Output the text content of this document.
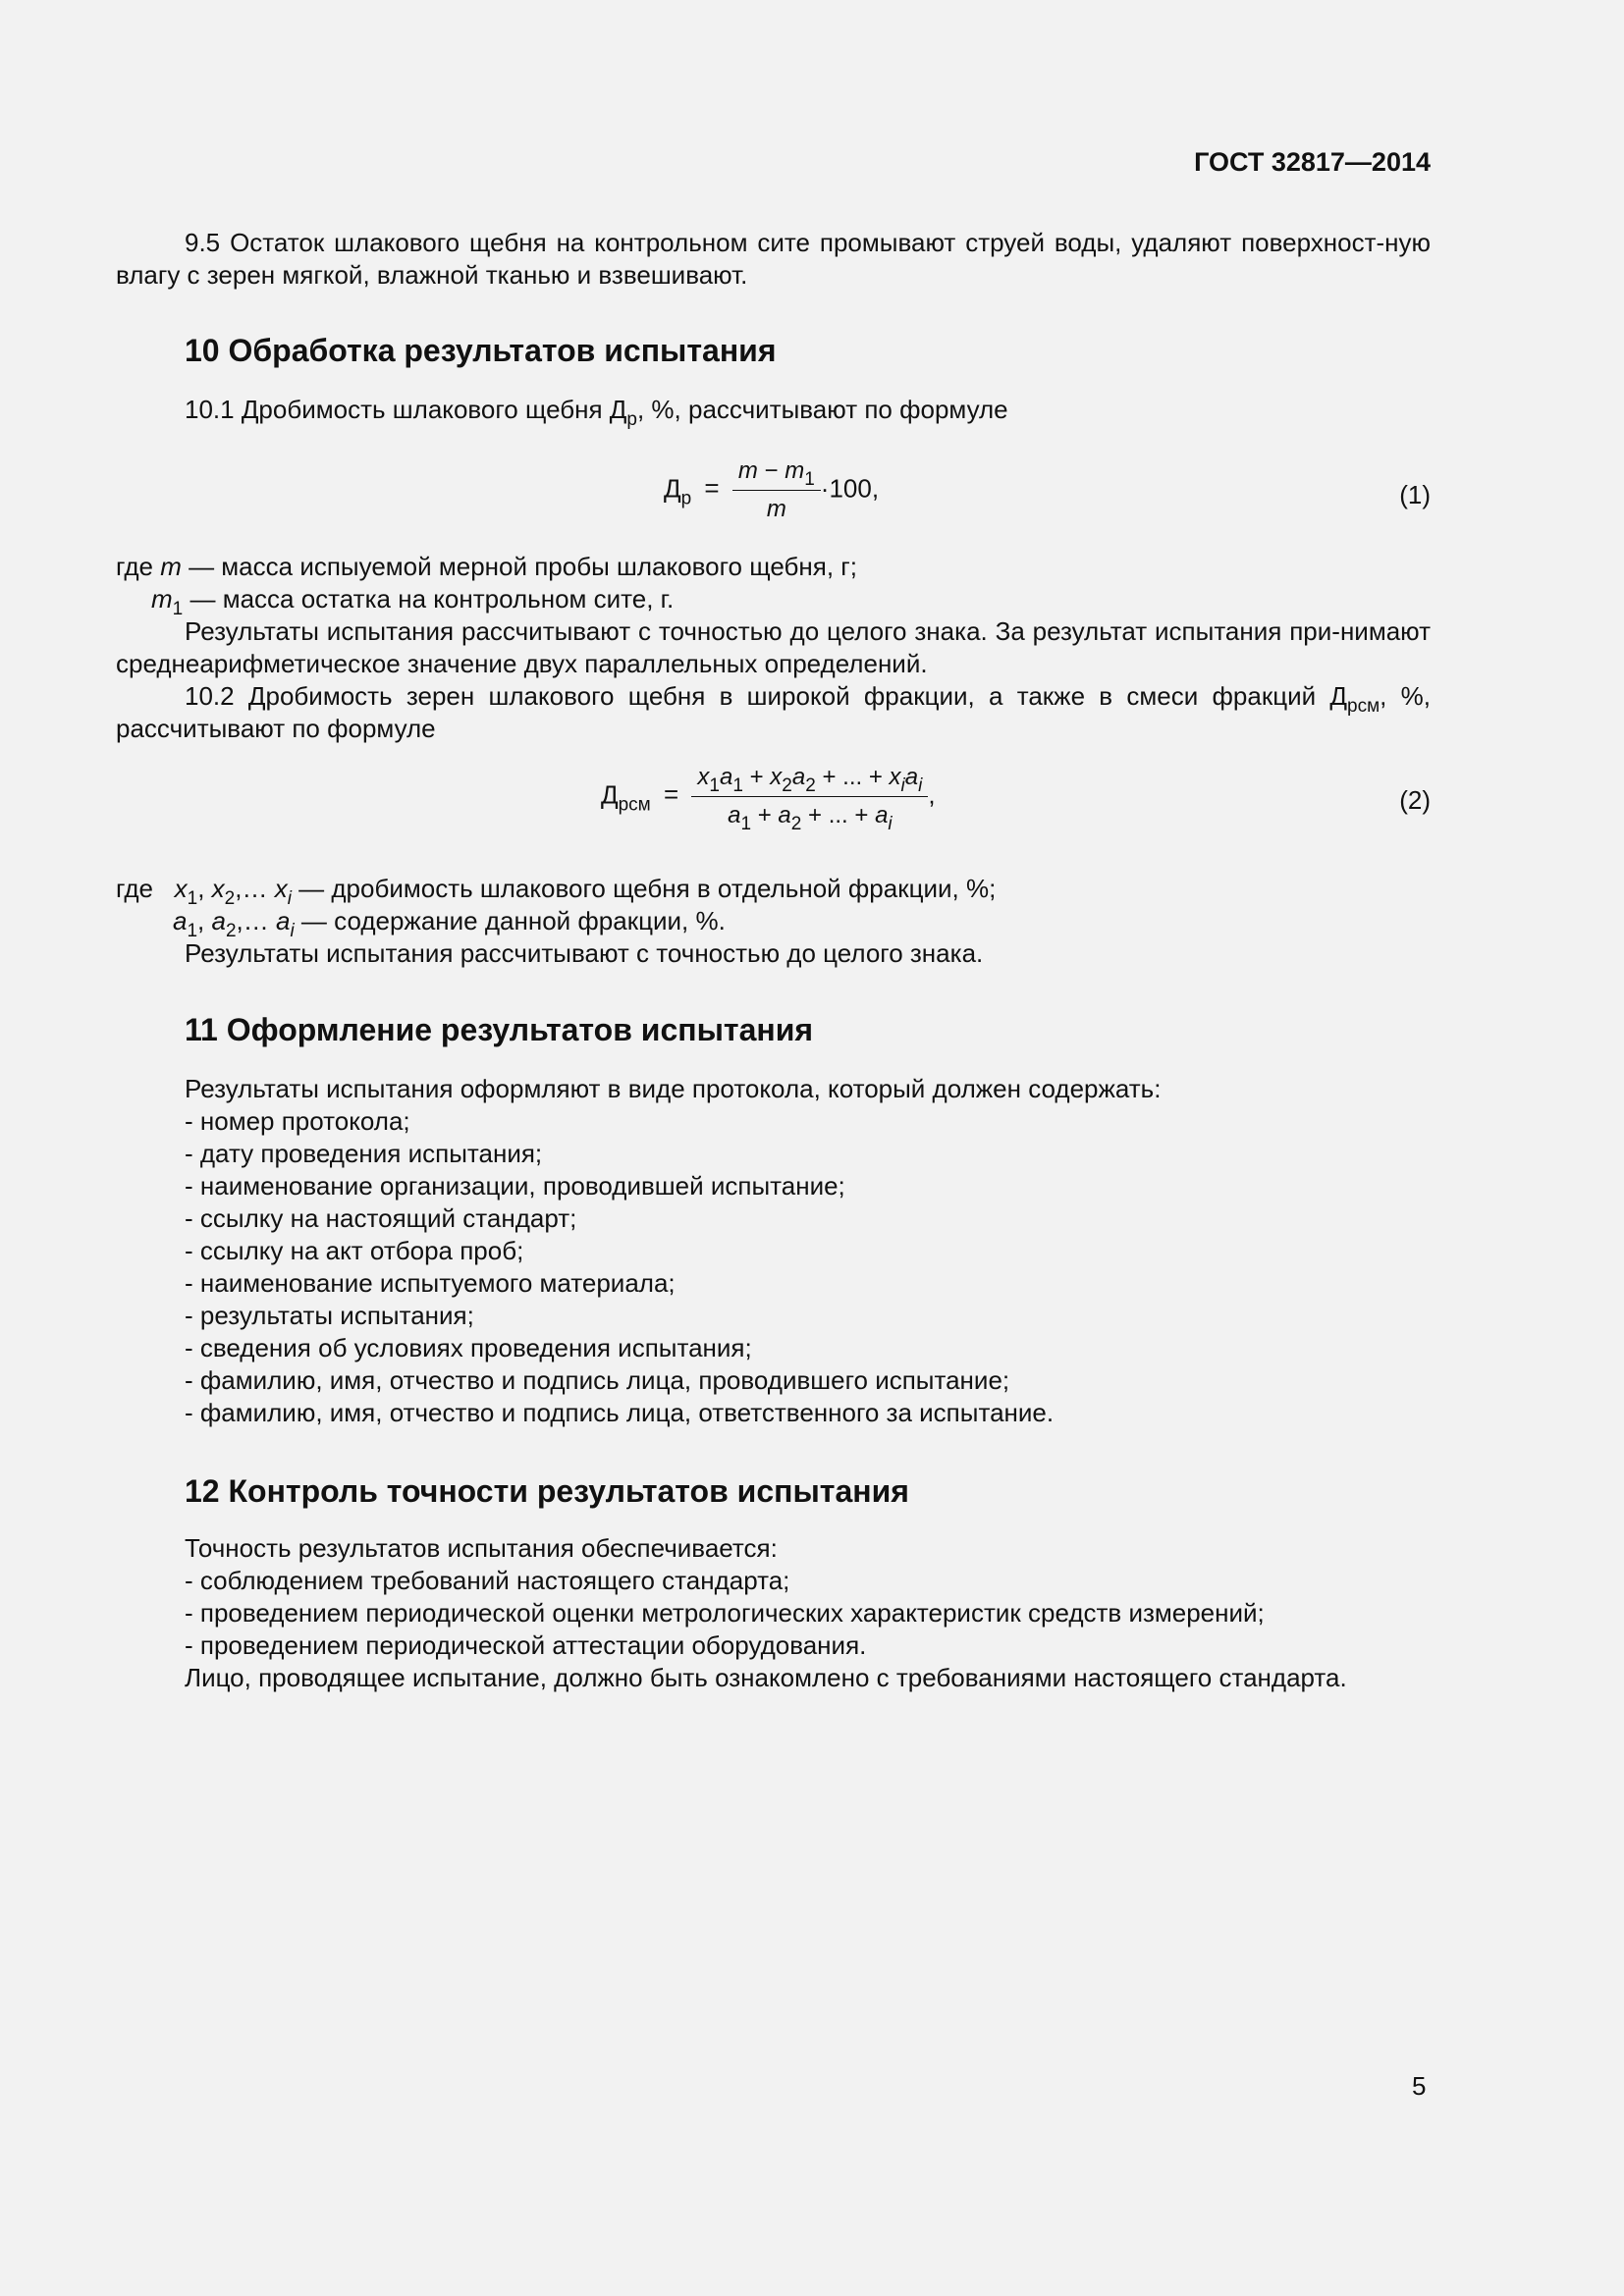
ГОСТ 32817—2014

9.5 Остаток шлакового щебня на контрольном сите промывают струей воды, удаляют поверхност-ную влагу с зерен мягкой, влажной тканью и взвешивают.

10 Обработка результатов испытания
10.1 Дробимость шлакового щебня $Д_р$, %, рассчитывают по формуле
$Д_р = \frac{m - m_1}{m} \cdot 100$,	(1)
где m — масса испыуемой мерной пробы шлакового щебня, г;
$m_1$ — масса остатка на контрольном сите, г.

Результаты испытания рассчитывают с точностью до целого знака. За результат испытания при-нимают среднеарифметическое значение двух параллельных определений.

10.2 Дробимость зерен шлакового щебня в широкой фракции, а также в смеси фракций $Д_{рсм}$, %, рассчитывают по формуле

$Д_{рсм} = \frac{x_1a_1 + x_2a_2 + ... + x_ia_i}{a_1 + a_2 + ... + a_i}$ ,	(2)
где $x_1$, $x_2,\dots$ $x_i$ — дробимость шлакового щебня в отдельной фракции, %;
$a_1$, $a_2,\dots$ $a_i$ — содержание данной фракции, %.
Результаты испытания рассчитывают с точностью до целого знака.
11 Оформление результатов испытания
Результаты испытания оформляют в виде протокола, который должен содержать:
- номер протокола;
- дату проведения испытания;
- наименование организации, проводившей испытание;
- ссылку на настоящий стандарт;
- ссылку на акт отбора проб;
- наименование испытуемого материала;
- результаты испытания;
- сведения об условиях проведения испытания;
- фамилию, имя, отчество и подпись лица, проводившего испытание;
- фамилию, имя, отчество и подпись лица, ответственного за испытание.
12 Контроль точности результатов испытания
Точность результатов испытания обеспечивается:
- соблюдением требований настоящего стандарта;
- проведением периодической оценки метрологических характеристик средств измерений;
- проведением периодической аттестации оборудования.
Лицо, проводящее испытание, должно быть ознакомлено с требованиями настоящего стандарта.
5
